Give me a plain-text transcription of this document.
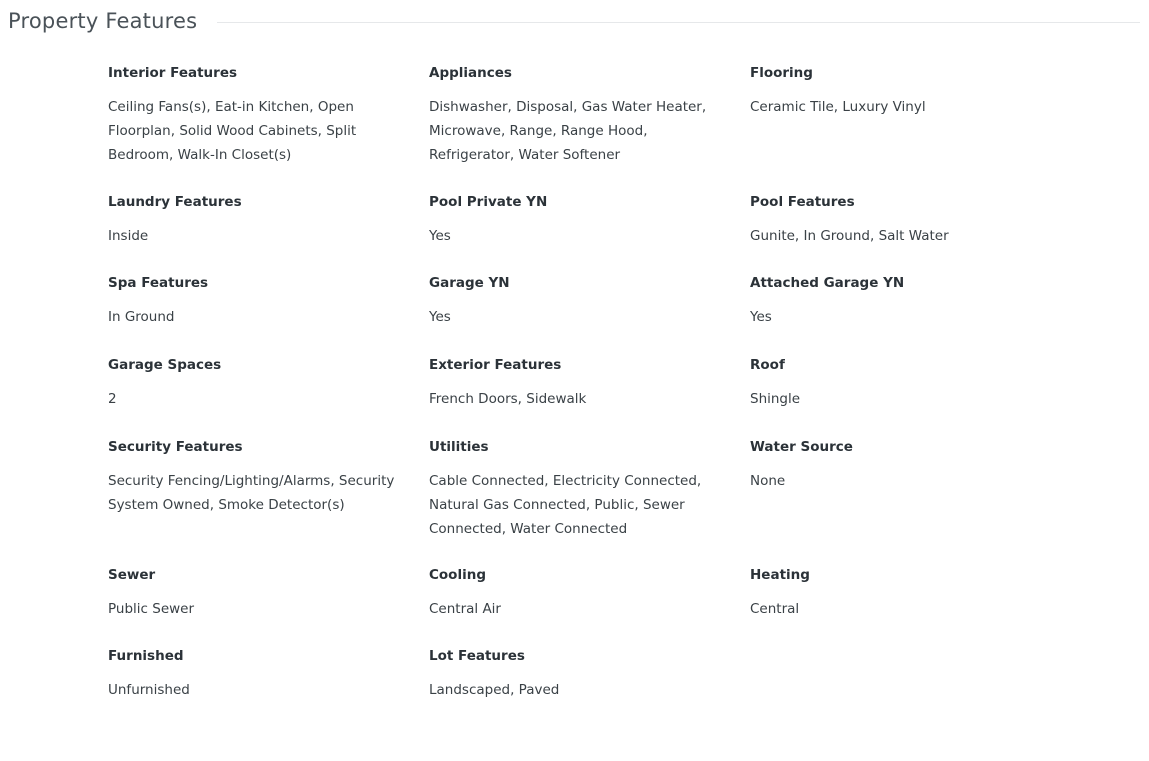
Property Features
Interior Features
Ceiling Fans(s), Eat-in Kitchen, Open Floorplan, Solid Wood Cabinets, Split Bedroom, Walk-In Closet(s)
Appliances
Dishwasher, Disposal, Gas Water Heater, Microwave, Range, Range Hood, Refrigerator, Water Softener
Flooring
Ceramic Tile, Luxury Vinyl
Laundry Features
Inside
Pool Private YN
Yes
Pool Features
Gunite, In Ground, Salt Water
Spa Features
In Ground
Garage YN
Yes
Attached Garage YN
Yes
Garage Spaces
2
Exterior Features
French Doors, Sidewalk
Roof
Shingle
Security Features
Security Fencing/Lighting/Alarms, Security System Owned, Smoke Detector(s)
Utilities
Cable Connected, Electricity Connected, Natural Gas Connected, Public, Sewer Connected, Water Connected
Water Source
None
Sewer
Public Sewer
Cooling
Central Air
Heating
Central
Furnished
Unfurnished
Lot Features
Landscaped, Paved
